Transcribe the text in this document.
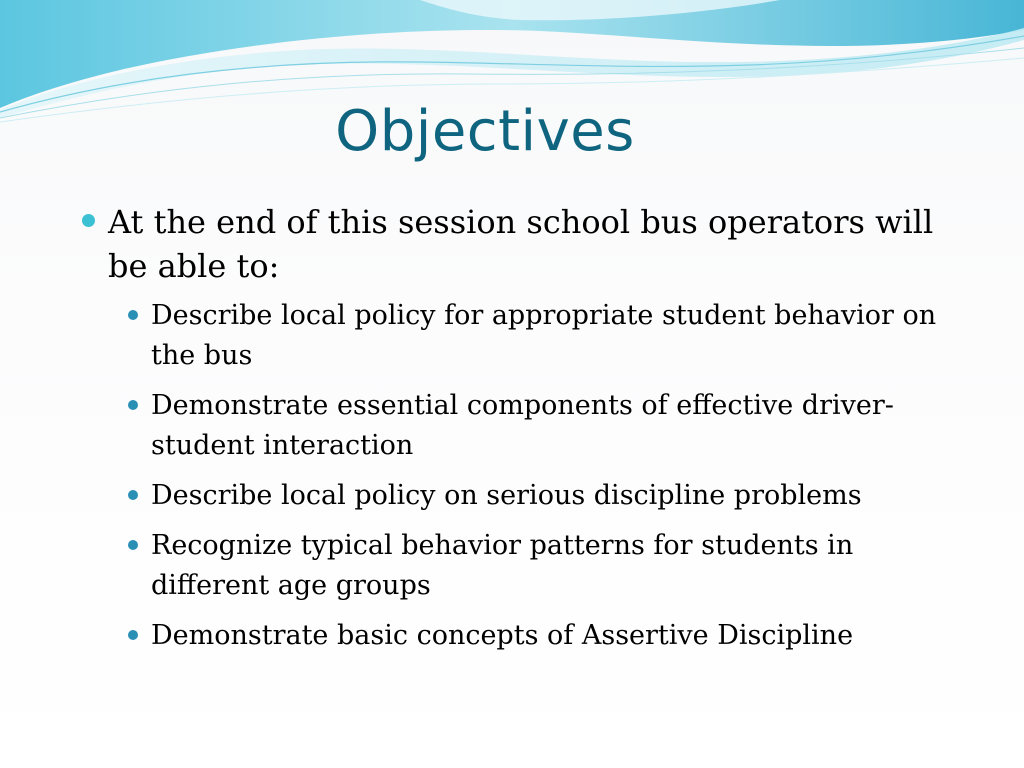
Objectives
At the end of this session school bus operators will be able to:
Describe local policy for appropriate student behavior on the bus
Demonstrate essential components of effective driver-student interaction
Describe local policy on serious discipline problems
Recognize typical behavior patterns for students in different age groups
Demonstrate basic concepts of Assertive Discipline
